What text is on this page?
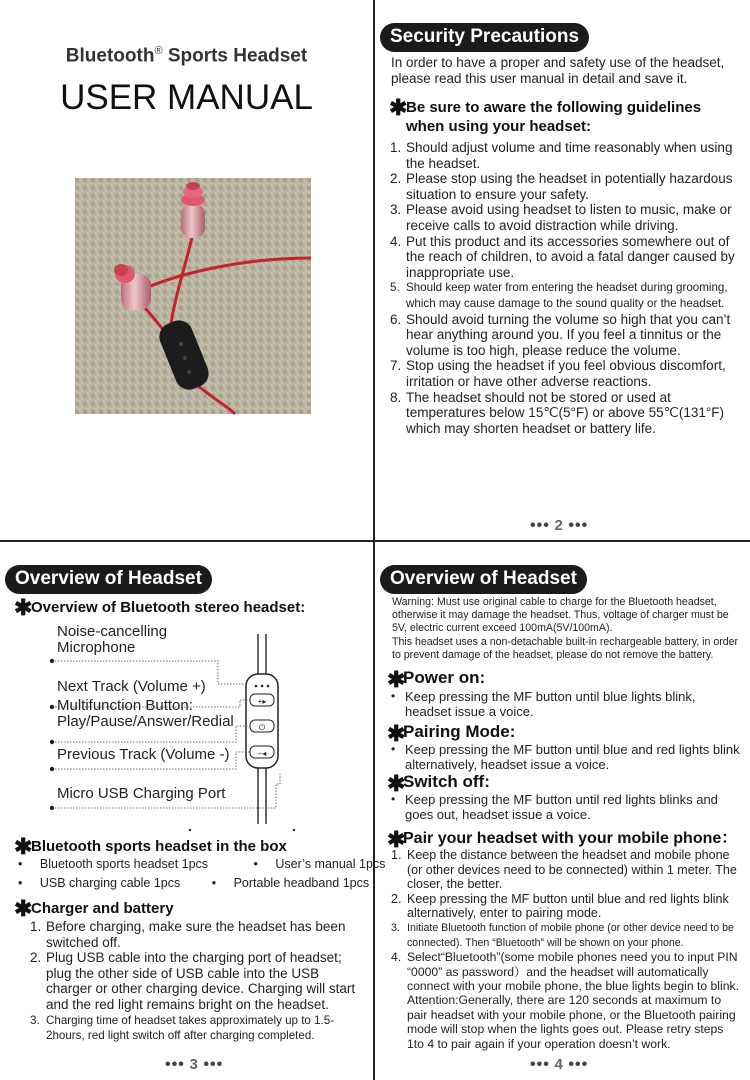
Bluetooth® Sports Headset
USER MANUAL
Security Precautions
In order to have a proper and safety use of the headset, please read this user manual in detail and save it.
✱
Be sure to aware the following guidelines when using your headset:
1. Should adjust volume and time reasonably when using the headset.
2. Please stop using the headset in potentially hazardous situation to ensure your safety.
3. Please avoid using headset to listen to music, make or receive calls to avoid distraction while driving.
4. Put this product and its accessories somewhere out of the reach of children, to avoid a fatal danger caused by inappropriate use.
5. Should keep water from entering the headset during grooming, which may cause damage to the sound quality or the headset.
6. Should avoid turning the volume so high that you can’t hear anything around you. If you feel a tinnitus or the volume is too high, please reduce the volume.
7. Stop using the headset if you feel obvious discomfort, irritation or have other adverse reactions.
8. The headset should not be stored or used at temperatures below 15℃(5°F) or above 55℃(131°F) which may shorten headset or battery life.
••• 2 •••
Overview of Headset
✱
Overview of Bluetooth stereo headset:
+▸
⏻
–◂
Noise-cancelling
Microphone
Next Track (Volume +)
Multifunction Button:
Play/Pause/Answer/Redial
Previous Track (Volume -)
Micro USB Charging Port
✱
Bluetooth sports headset in the box
• Bluetooth sports headset 1pcs	• User’s manual 1pcs
• USB charging cable 1pcs	• Portable headband 1pcs
✱
Charger and battery
1. Before charging, make sure the headset has been switched off.
2. Plug USB cable into the charging port of headset; plug the other side of USB cable into the USB charger or other charging device. Charging will start and the red light remains bright on the headset.
3. Charging time of headset takes approximately up to 1.5-2hours, red light switch off after charging completed.
••• 3 •••
Overview of Headset
Warning: Must use original cable to charge for the Bluetooth headset, otherwise it may damage the headset. Thus, voltage of charger must be 5V, electric current exceed 100mA(5V/100mA).
This headset uses a non-detachable built-in rechargeable battery, in order to prevent damage of the headset, please do not remove the battery.
✱Power on:
• Keep pressing the MF button until blue lights blink, headset issue a voice.
✱Pairing Mode:
• Keep pressing the MF button until blue and red lights blink alternatively, headset issue a voice.
✱Switch off:
• Keep pressing the MF button until red lights blinks and goes out, headset issue a voice.
✱Pair your headset with your mobile phone：
1. Keep the distance between the headset and mobile phone (or other devices need to be connected) within 1 meter. The closer, the better.
2. Keep pressing the MF button until blue and red lights blink alternatively, enter to pairing mode.
3. Initiate Bluetooth function of mobile phone (or other device need to be connected). Then “Bluetooth” will be shown on your phone.
4. Select“Bluetooth”(some mobile phones need you to input PIN “0000” as password）and the headset will automatically connect with your mobile phone, the blue lights begin to blink. Attention:Generally, there are 120 seconds at maximum to pair headset with your mobile phone, or the Bluetooth pairing mode will stop when the lights goes out. Please retry steps 1to 4 to pair again if your operation doesn’t work.
••• 4 •••
